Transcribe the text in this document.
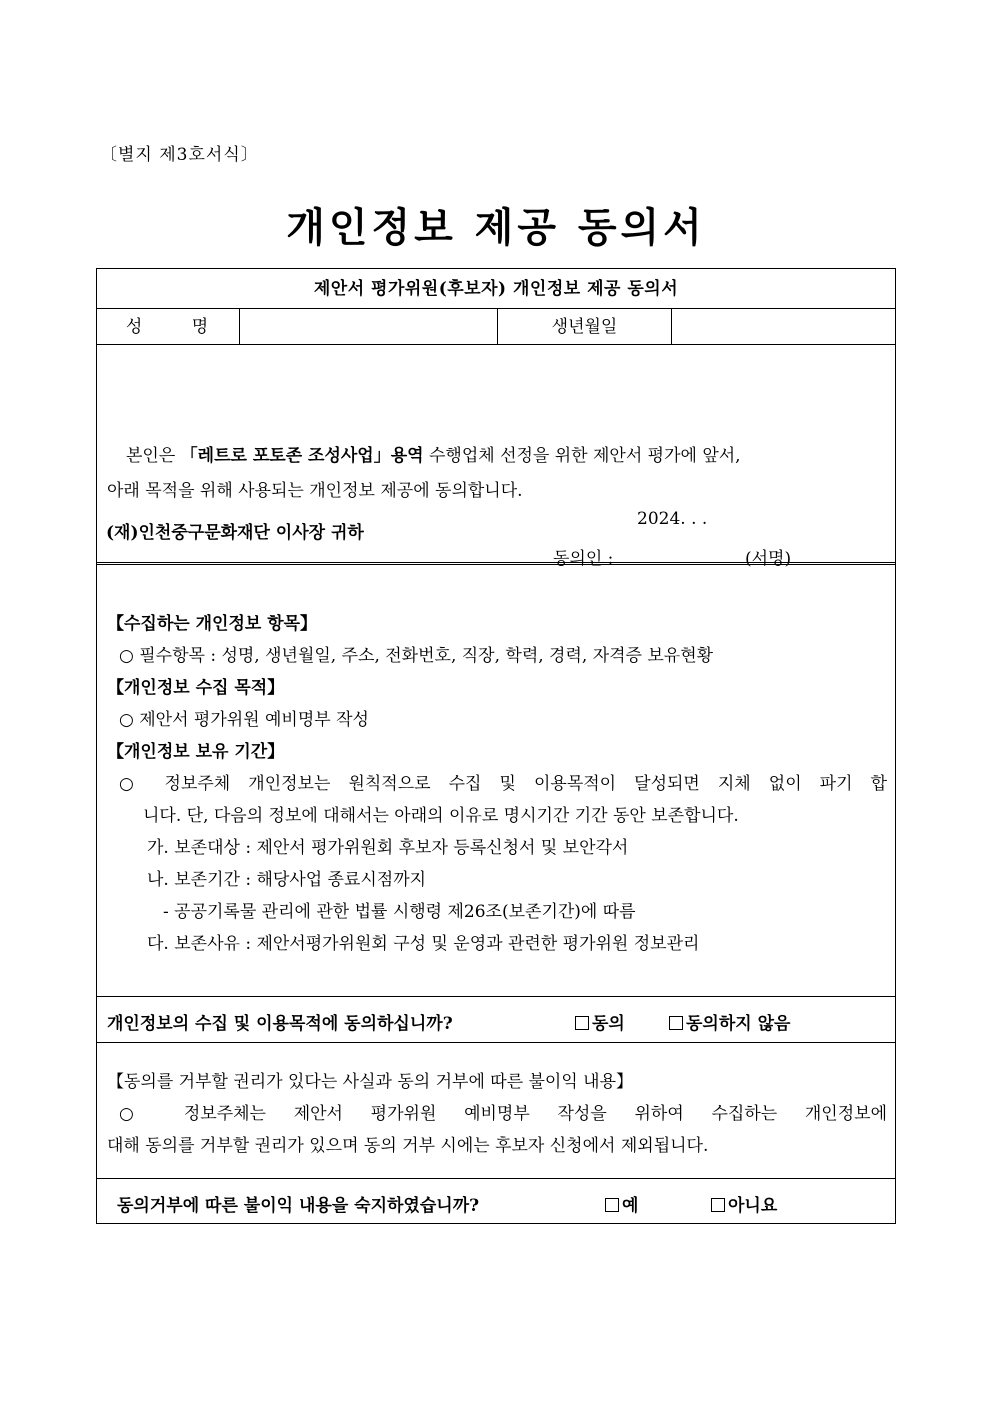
〔별지 제3호서식〕
개인정보 제공 동의서
제안서 평가위원(후보자) 개인정보 제공 동의서
성 명	생년월일
본인은 「레트로 포토존 조성사업」용역 수행업체 선정을 위한 제안서 평가에 앞서,
아래 목적을 위해 사용되는 개인정보 제공에 동의합니다.
2024. . .
동의인 :	(서명)
(재)인천중구문화재단 이사장 귀하
【수집하는 개인정보 항목】
○ 필수항목 : 성명, 생년월일, 주소, 전화번호, 직장, 학력, 경력, 자격증 보유현황
【개인정보 수집 목적】
○ 제안서 평가위원 예비명부 작성
【개인정보 보유 기간】
○ 정보주체 개인정보는 원칙적으로 수집 및 이용목적이 달성되면 지체 없이 파기 합
니다. 단, 다음의 정보에 대해서는 아래의 이유로 명시기간 기간 동안 보존합니다.
가. 보존대상 : 제안서 평가위원회 후보자 등록신청서 및 보안각서
나. 보존기간 : 해당사업 종료시점까지
- 공공기록물 관리에 관한 법률 시행령 제26조(보존기간)에 따름
다. 보존사유 : 제안서평가위원회 구성 및 운영과 관련한 평가위원 정보관리
개인정보의 수집 및 이용목적에 동의하십니까?	동의	동의하지 않음
【동의를 거부할 권리가 있다는 사실과 동의 거부에 따른 불이익 내용】
○ 정보주체는 제안서 평가위원 예비명부 작성을 위하여 수집하는 개인정보에
대해 동의를 거부할 권리가 있으며 동의 거부 시에는 후보자 신청에서 제외됩니다.
동의거부에 따른 불이익 내용을 숙지하였습니까?	예	아니요
